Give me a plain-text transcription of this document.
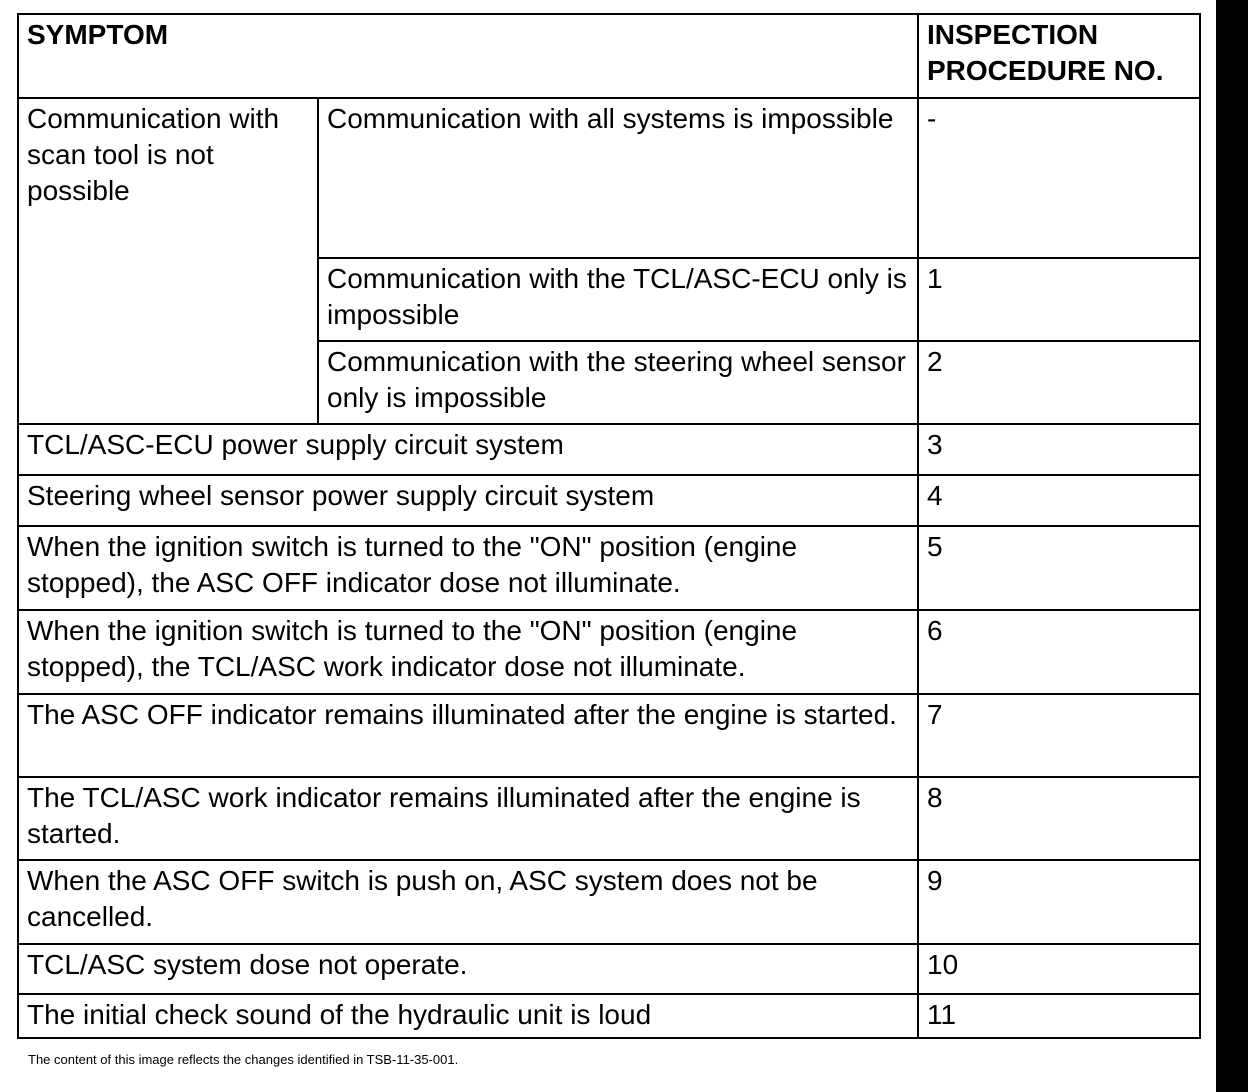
SYMPTOM		INSPECTION PROCEDURE NO.
Communication with scan tool is not possible	Communication with all systems is impossible	-
	Communication with the TCL/ASC-ECU only is impossible	1
	Communication with the steering wheel sensor only is impossible	2
TCL/ASC-ECU power supply circuit system		3
Steering wheel sensor power supply circuit system		4
When the ignition switch is turned to the "ON" position (engine stopped), the ASC OFF indicator dose not illuminate.		5
When the ignition switch is turned to the "ON" position (engine stopped), the TCL/ASC work indicator dose not illuminate.		6
The ASC OFF indicator remains illuminated after the engine is started.		7
The TCL/ASC work indicator remains illuminated after the engine is started.		8
When the ASC OFF switch is push on, ASC system does not be cancelled.		9
TCL/ASC system dose not operate.		10
The initial check sound of the hydraulic unit is loud		11
The content of this image reflects the changes identified in TSB-11-35-001.
